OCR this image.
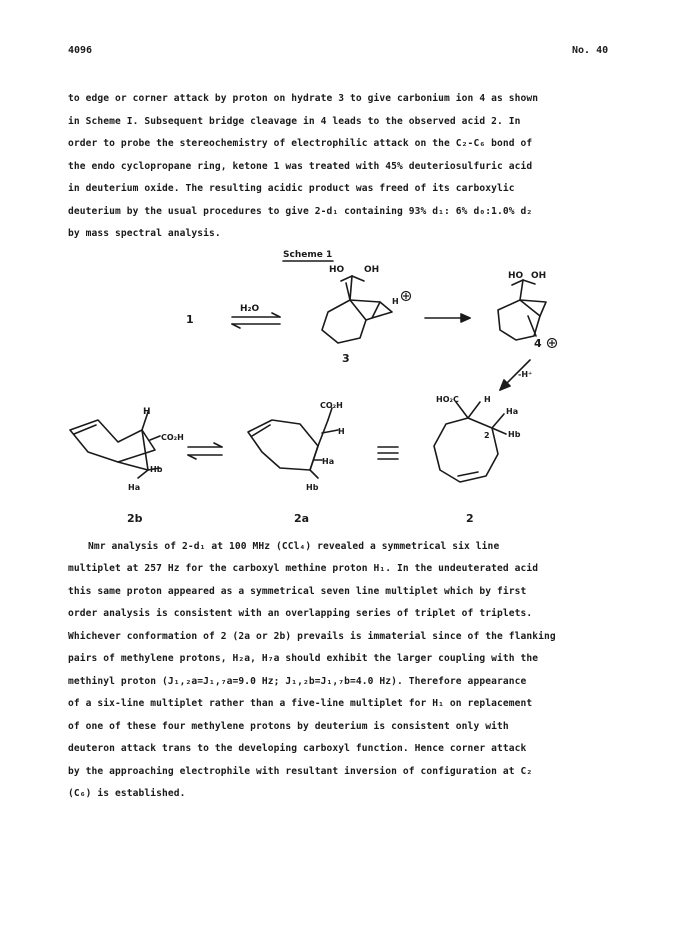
4096	No. 40
to edge or corner attack by proton on hydrate 3 to give carbonium ion 4 as shown
in Scheme I. Subsequent bridge cleavage in 4 leads to the observed acid 2. In
order to probe the stereochemistry of electrophilic attack on the C₂-C₆ bond of
the endo cyclopropane ring, ketone 1 was treated with 45% deuteriosulfuric acid
in deuterium oxide. The resulting acidic product was freed of its carboxylic
deuterium by the usual procedures to give 2-d₁ containing 93% d₁: 6% d₀:1.0% d₂
by mass spectral analysis.
Scheme 1
H₂O
1
HO OH
H
3
HO OH
4
-H⁺
H
CO₂H
Hb
Ha
2b
CO₂H
H
Ha
Hb
2a
HO₂C	H
Ha
2 Hb
2
Nmr analysis of 2-d₁ at 100 MHz (CCl₄) revealed a symmetrical six line
multiplet at 257 Hz for the carboxyl methine proton H₁. In the undeuterated acid
this same proton appeared as a symmetrical seven line multiplet which by first
order analysis is consistent with an overlapping series of triplet of triplets.
Whichever conformation of 2 (2a or 2b) prevails is immaterial since of the flanking
pairs of methylene protons, H₂a, H₇a should exhibit the larger coupling with the
methinyl proton (J₁,₂a=J₁,₇a=9.0 Hz; J₁,₂b=J₁,₇b=4.0 Hz). Therefore appearance
of a six-line multiplet rather than a five-line multiplet for H₁ on replacement
of one of these four methylene protons by deuterium is consistent only with
deuteron attack trans to the developing carboxyl function. Hence corner attack
by the approaching electrophile with resultant inversion of configuration at C₂
(C₆) is established.
